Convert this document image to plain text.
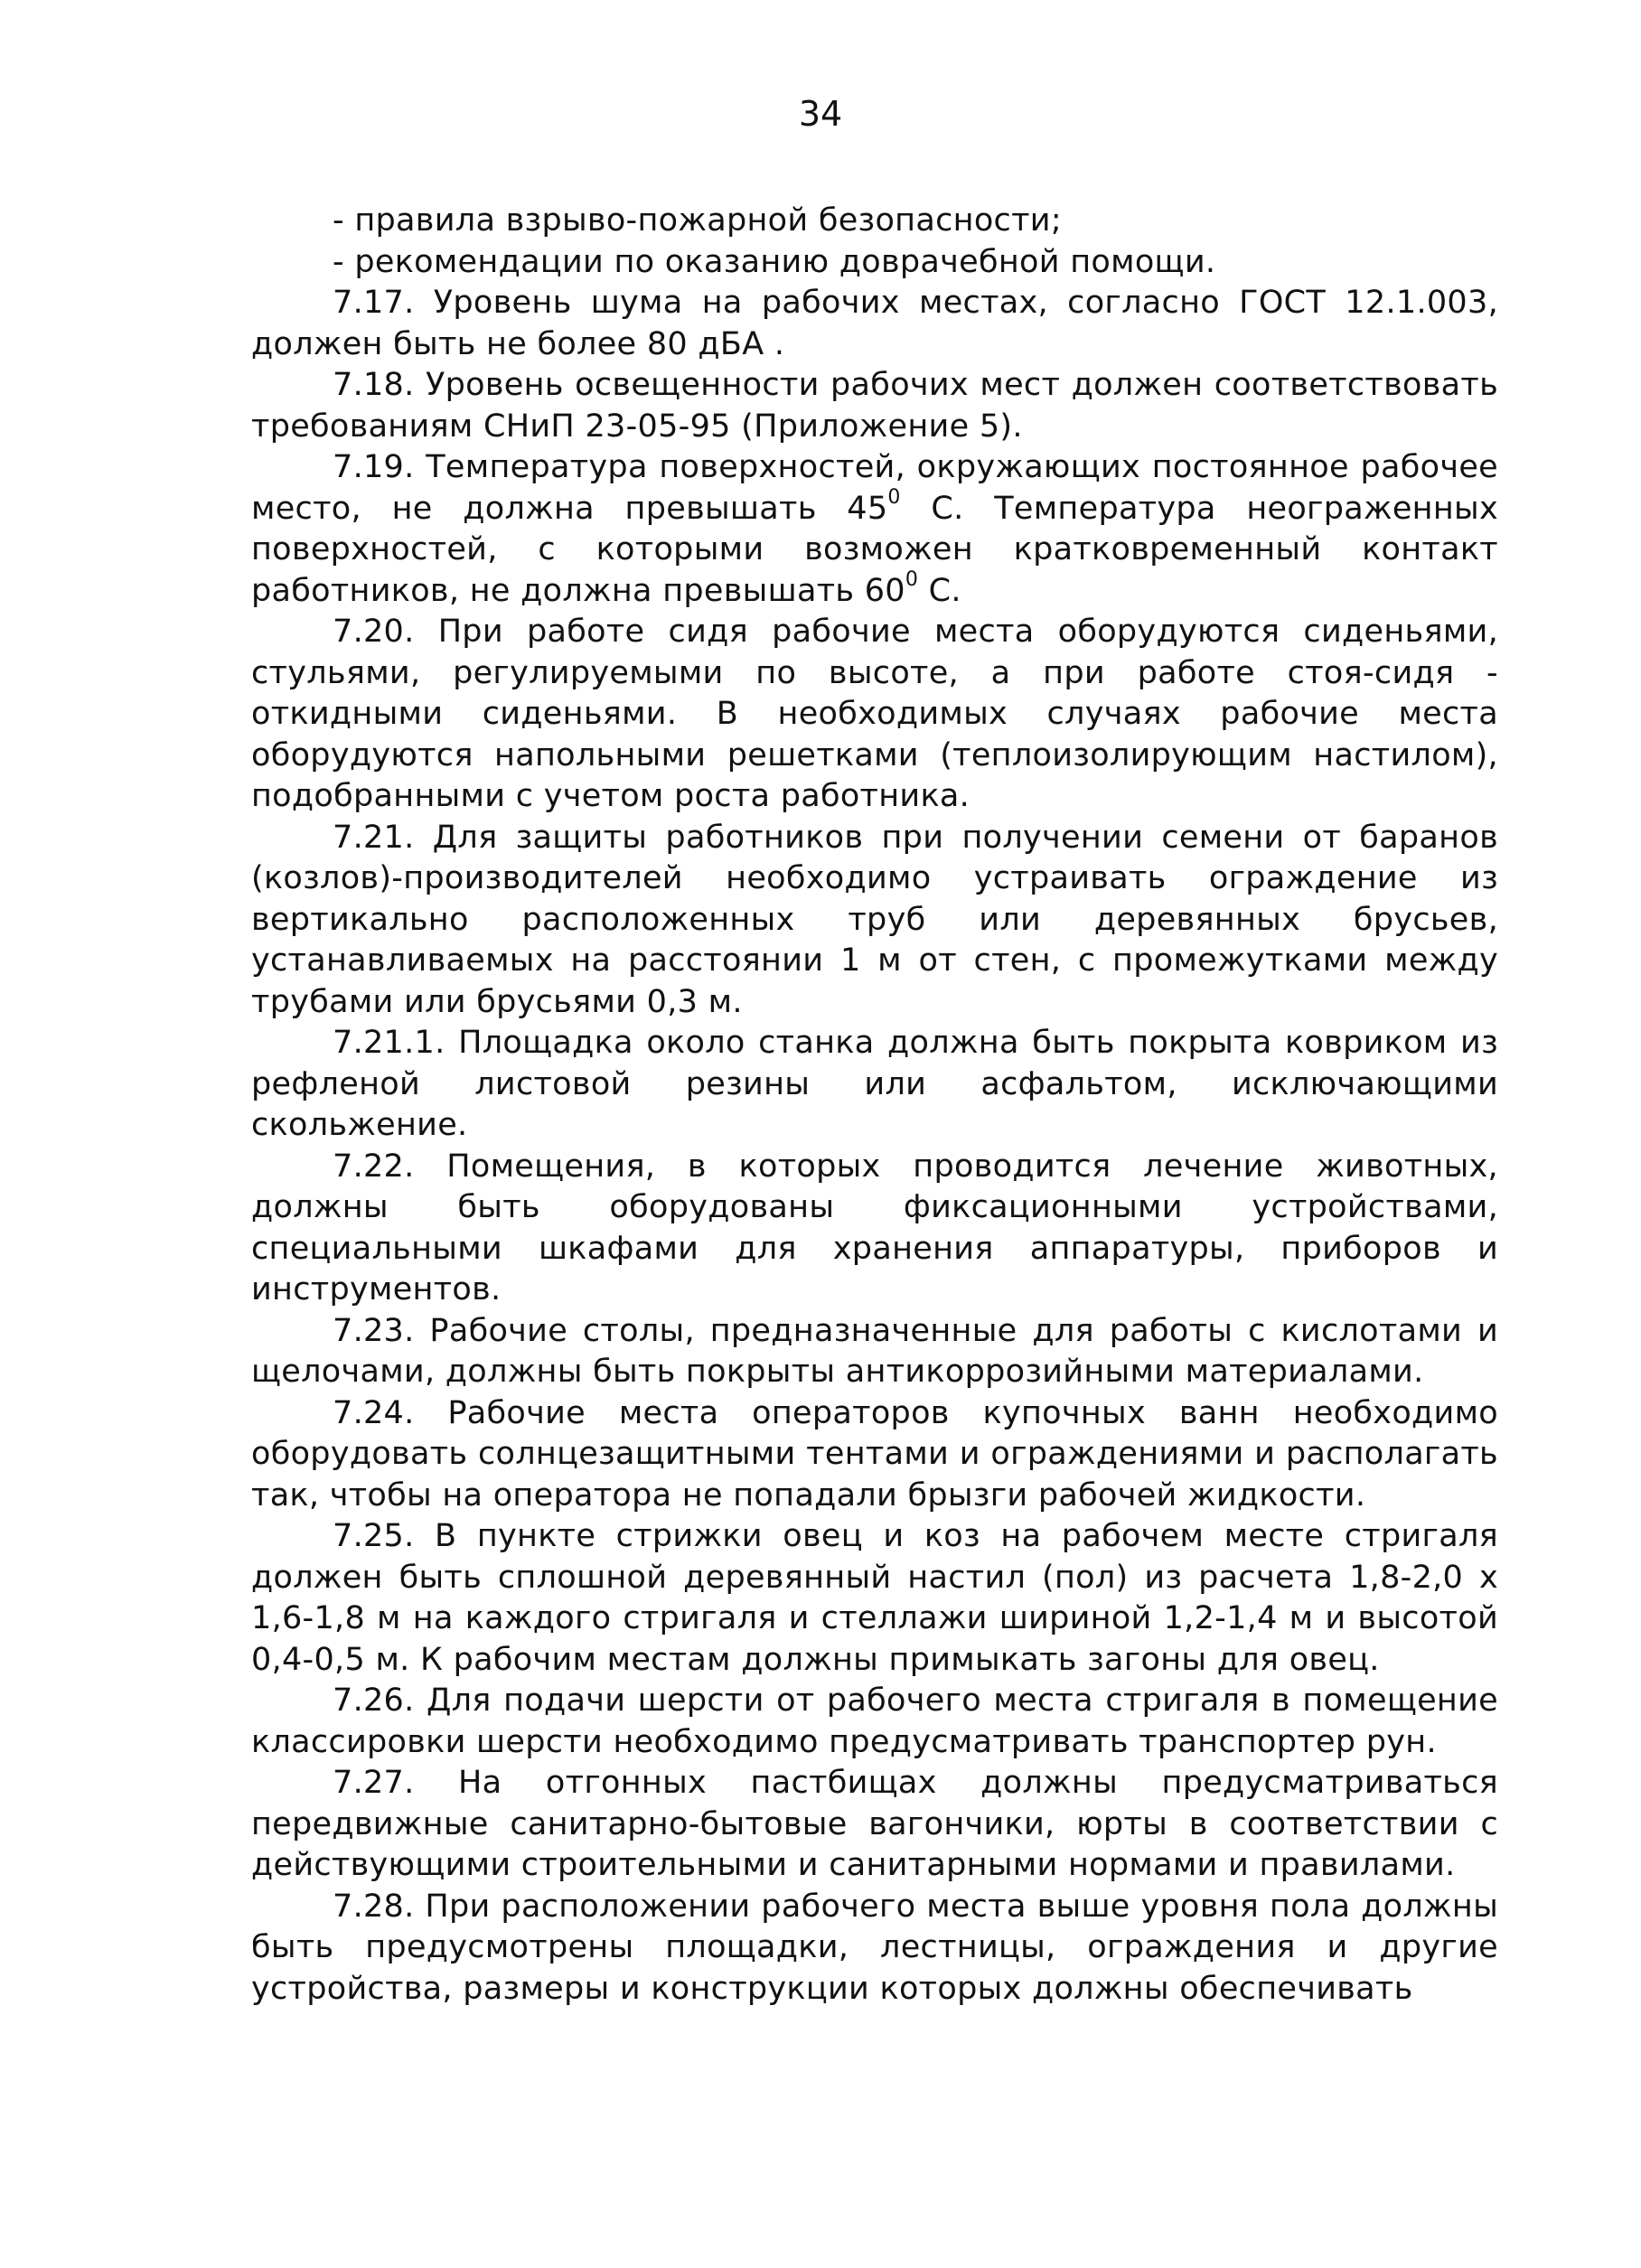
34

- правила взрыво-пожарной безопасности;

- рекомендации по оказанию доврачебной помощи.

7.17. Уровень шума на рабочих местах, согласно ГОСТ 12.1.003, должен быть не более 80 дБА .

7.18. Уровень освещенности рабочих мест должен соответствовать требованиям СНиП 23-05-95 (Приложение 5).

7.19. Температура поверхностей, окружающих постоянное рабочее место, не должна превышать $45^0$ С. Температура неограженных поверхностей, с которыми возможен кратковременный контакт работников, не должна превышать $60^0$ С.

7.20. При работе сидя рабочие места оборудуются сиденьями, стульями, регулируемыми по высоте, а при работе стоя-сидя - откидными сиденьями. В необходимых случаях рабочие места оборудуются напольными решетками (теплоизолирующим настилом), подобранными с учетом роста работника.

7.21. Для защиты работников при получении семени от баранов (козлов)-производителей необходимо устраивать ограждение из вертикально расположенных труб или деревянных брусьев, устанавливаемых на расстоянии 1 м от стен, с промежутками между трубами или брусьями 0,3 м.

7.21.1. Площадка около станка должна быть покрыта ковриком из рефленой листовой резины или асфальтом, исключающими скольжение.

7.22. Помещения, в которых проводится лечение животных, должны быть оборудованы фиксационными устройствами, специальными шкафами для хранения аппаратуры, приборов и инструментов.

7.23. Рабочие столы, предназначенные для работы с кислотами и щелочами, должны быть покрыты антикоррозийными материалами.

7.24. Рабочие места операторов купочных ванн необходимо оборудовать солнцезащитными тентами и ограждениями и располагать так, чтобы на оператора не попадали брызги рабочей жидкости.

7.25. В пункте стрижки овец и коз на рабочем месте стригаля должен быть сплошной деревянный настил (пол) из расчета 1,8-2,0 х 1,6-1,8 м на каждого стригаля и стеллажи шириной 1,2-1,4 м и высотой 0,4-0,5 м. К рабочим местам должны примыкать загоны для овец.

7.26. Для подачи шерсти от рабочего места стригаля в помещение классировки шерсти необходимо предусматривать транспортер рун.

7.27. На отгонных пастбищах должны предусматриваться передвижные санитарно-бытовые вагончики, юрты в соответствии с действующими строительными и санитарными нормами и правилами.

7.28. При расположении рабочего места выше уровня пола должны быть предусмотрены площадки, лестницы, ограждения и другие устройства, размеры и конструкции которых должны обеспечивать
